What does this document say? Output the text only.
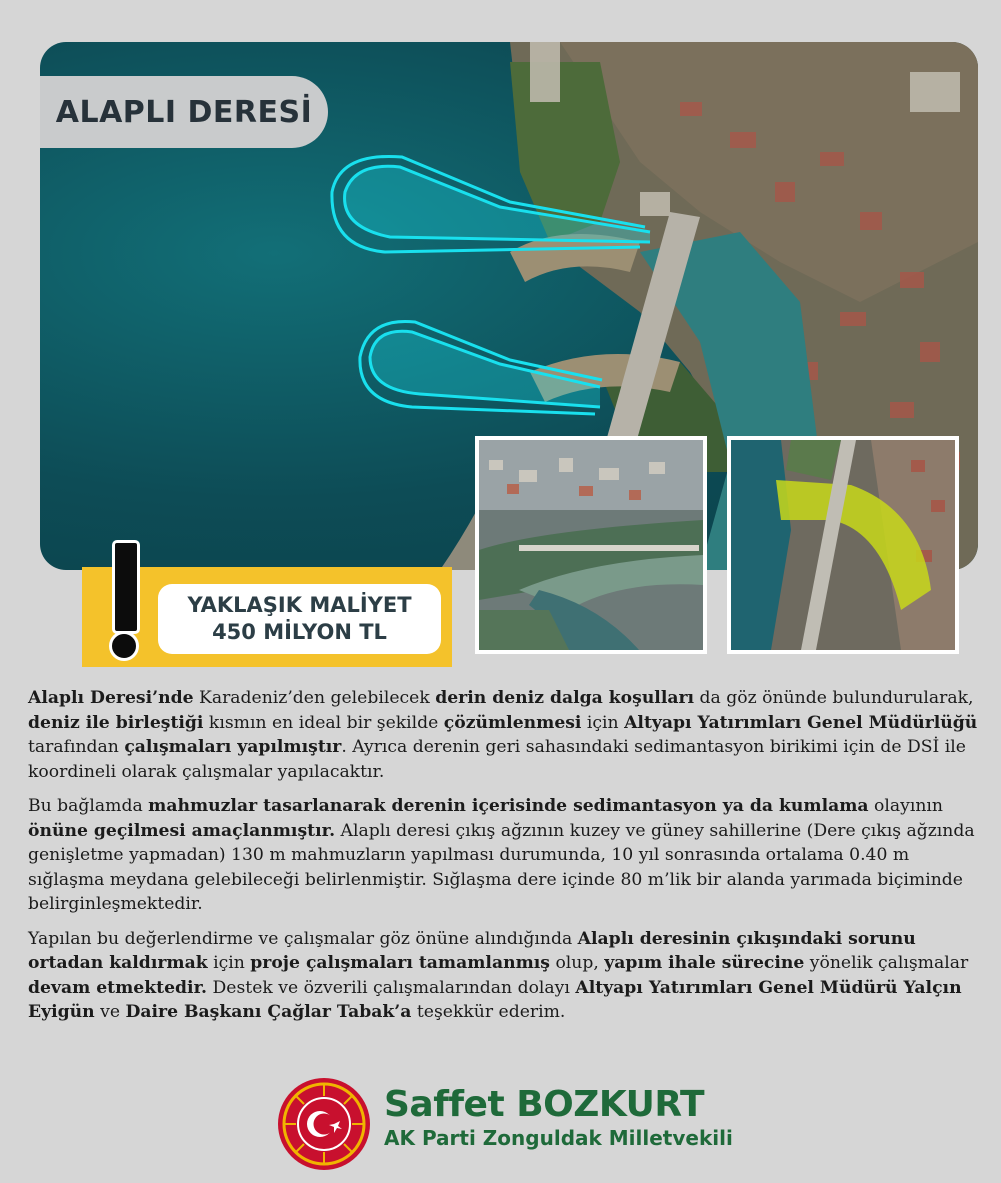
ALAPLI DERESİ
YAKLAŞIK MALİYET
450 MİLYON TL

Alaplı Deresi’nde Karadeniz’den gelebilecek derin deniz dalga koşulları da göz önünde bulundurularak, deniz ile birleştiği kısmın en ideal bir şekilde çözümlenmesi için Altyapı Yatırımları Genel Müdürlüğü tarafından çalışmaları yapılmıştır. Ayrıca derenin geri sahasındaki sedimantasyon birikimi için de DSİ ile koordineli olarak çalışmalar yapılacaktır.

Bu bağlamda mahmuzlar tasarlanarak derenin içerisinde sedimantasyon ya da kumlama olayının önüne geçilmesi amaçlanmıştır. Alaplı deresi çıkış ağzının kuzey ve güney sahillerine (Dere çıkış ağzında genişletme yapmadan) 130 m mahmuzların yapılması durumunda, 10 yıl sonrasında ortalama 0.40 m sığlaşma meydana gelebileceği belirlenmiştir. Sığlaşma dere içinde 80 m’lik bir alanda yarımada biçiminde belirginleşmektedir.

Yapılan bu değerlendirme ve çalışmalar göz önüne alındığında Alaplı deresinin çıkışındaki sorunu ortadan kaldırmak için proje çalışmaları tamamlanmış olup, yapım ihale sürecine yönelik çalışmalar devam etmektedir. Destek ve özverili çalışmalarından dolayı Altyapı Yatırımları Genel Müdürü Yalçın Eyigün ve Daire Başkanı Çağlar Tabak’a teşekkür ederim.

Saffet BOZKURT
AK Parti Zonguldak Milletvekili
